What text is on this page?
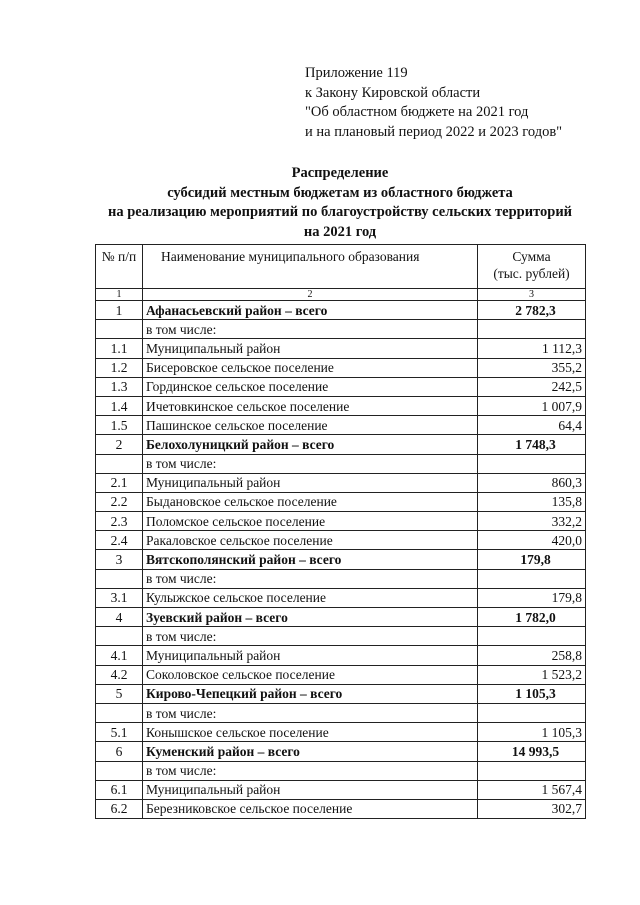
Приложение 119
к Закону Кировской области
"Об областном бюджете на 2021 год
и на плановый период 2022 и 2023 годов"
Распределение
субсидий местным бюджетам из областного бюджета
на реализацию мероприятий по благоустройству сельских территорий
на 2021 год
№ п/п	Наименование муниципального образования	Сумма
(тыс. рублей)

1	2	3
1	Афанасьевский район – всего	2 782,3
	в том числе:	
1.1	Муниципальный район	1 112,3
1.2	Бисеровское сельское поселение	355,2
1.3	Гординское сельское поселение	242,5
1.4	Ичетовкинское сельское поселение	1 007,9
1.5	Пашинское сельское поселение	64,4
2	Белохолуницкий район – всего	1 748,3
	в том числе:	
2.1	Муниципальный район	860,3
2.2	Быдановское сельское поселение	135,8
2.3	Поломское сельское поселение	332,2
2.4	Ракаловское сельское поселение	420,0
3	Вятскополянский район – всего	179,8
	в том числе:	
3.1	Кулыжское сельское поселение	179,8
4	Зуевский район – всего	1 782,0
	в том числе:	
4.1	Муниципальный район	258,8
4.2	Соколовское сельское поселение	1 523,2
5	Кирово-Чепецкий район – всего	1 105,3
	в том числе:	
5.1	Конышское сельское поселение	1 105,3
6	Куменский район – всего	14 993,5
	в том числе:	
6.1	Муниципальный район	1 567,4
6.2	Березниковское сельское поселение	302,7
